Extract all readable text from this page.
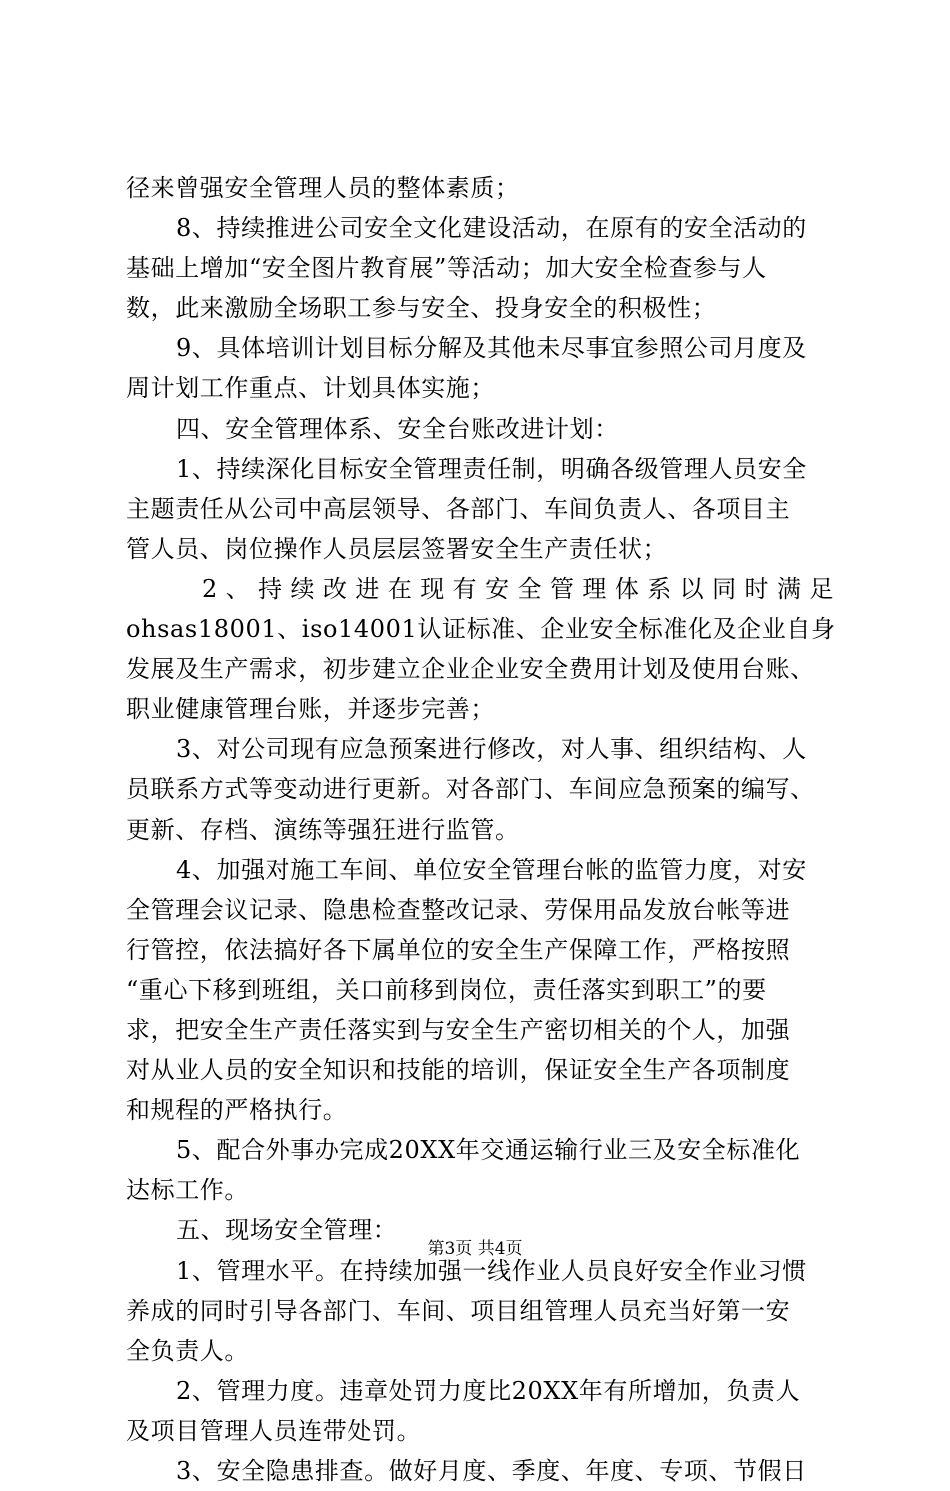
径来曾强安全管理人员的整体素质；
8、持续推进公司安全文化建设活动，在原有的安全活动的
基础上增加“安全图片教育展”等活动；加大安全检查参与人
数，此来激励全场职工参与安全、投身安全的积极性；
9、具体培训计划目标分解及其他未尽事宜参照公司月度及
周计划工作重点、计划具体实施；
四、安全管理体系、安全台账改进计划：
1、持续深化目标安全管理责任制，明确各级管理人员安全
主题责任从公司中高层领导、各部门、车间负责人、各项目主
管人员、岗位操作人员层层签署安全生产责任状；
2、持续改进在现有安全管理体系以同时满足
ohsas18001、iso14001认证标准、企业安全标准化及企业自身
发展及生产需求，初步建立企业企业安全费用计划及使用台账、
职业健康管理台账，并逐步完善；
3、对公司现有应急预案进行修改，对人事、组织结构、人
员联系方式等变动进行更新。对各部门、车间应急预案的编写、
更新、存档、演练等强狂进行监管。
4、加强对施工车间、单位安全管理台帐的监管力度，对安
全管理会议记录、隐患检查整改记录、劳保用品发放台帐等进
行管控，依法搞好各下属单位的安全生产保障工作，严格按照
“重心下移到班组，关口前移到岗位，责任落实到职工”的要
求，把安全生产责任落实到与安全生产密切相关的个人，加强
对从业人员的安全知识和技能的培训，保证安全生产各项制度
和规程的严格执行。
5、配合外事办完成20XX年交通运输行业三及安全标准化
达标工作。
五、现场安全管理：
1、管理水平。在持续加强一线作业人员良好安全作业习惯
养成的同时引导各部门、车间、项目组管理人员充当好第一安
全负责人。
2、管理力度。违章处罚力度比20XX年有所增加，负责人
及项目管理人员连带处罚。
3、安全隐患排查。做好月度、季度、年度、专项、节假日
第3页 共4页
